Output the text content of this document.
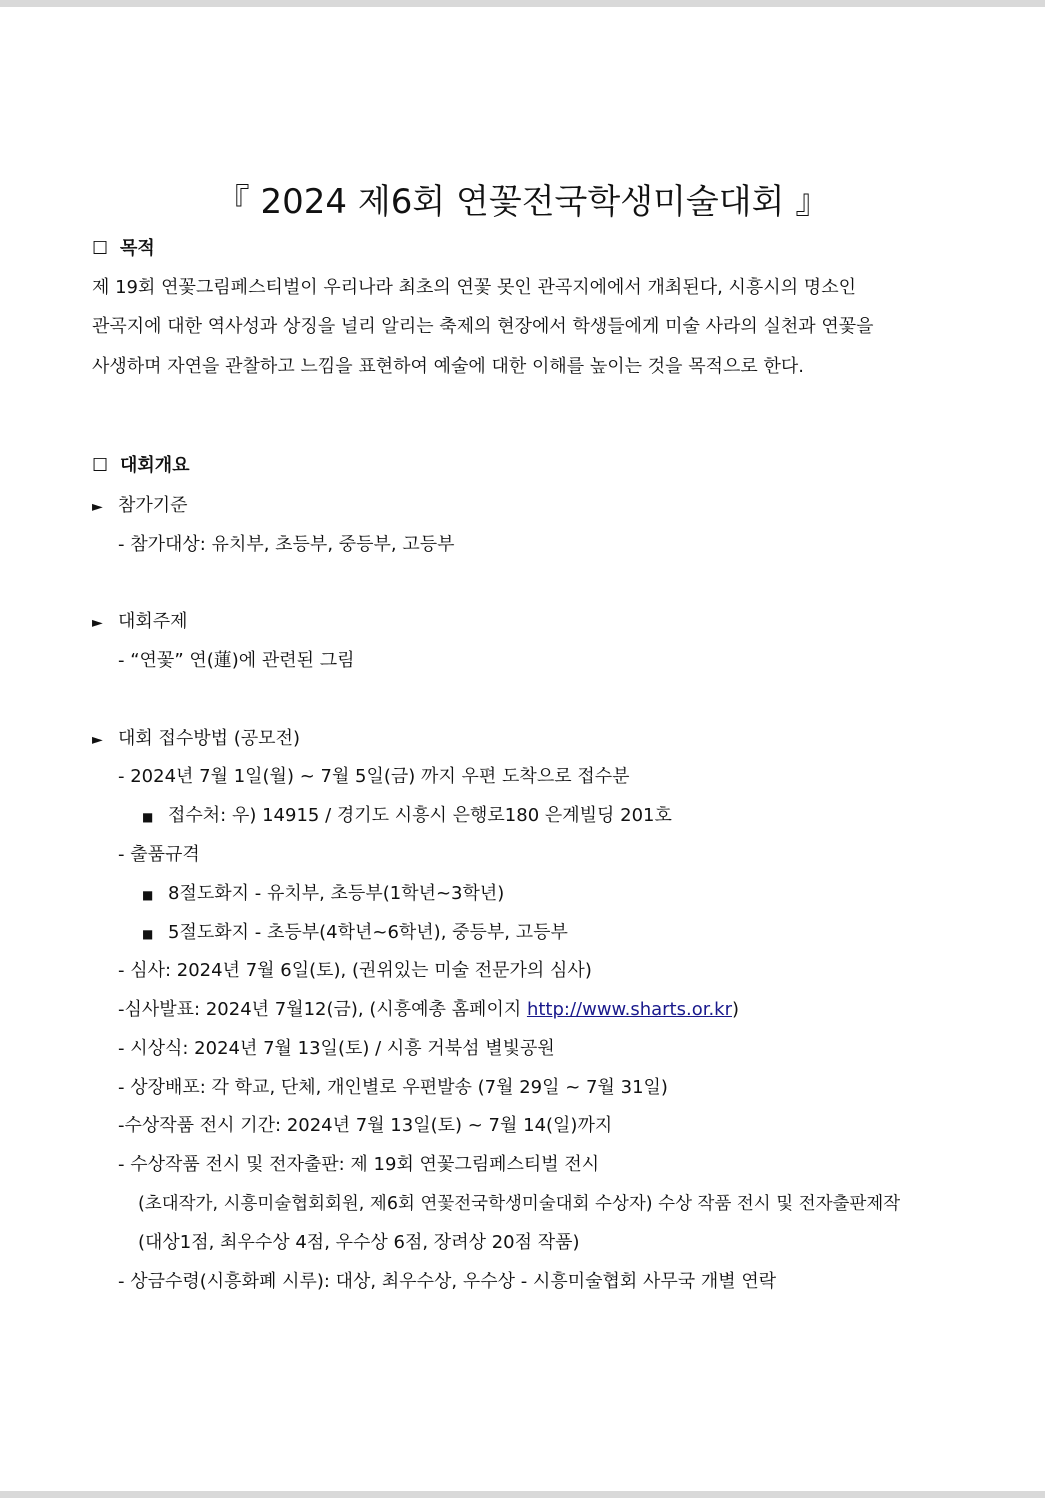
『 2024 제6회 연꽃전국학생미술대회 』
☐ 목적
제 19회 연꽃그림페스티벌이 우리나라 최초의 연꽃 못인 관곡지에에서 개최된다, 시흥시의 명소인
관곡지에 대한 역사성과 상징을 널리 알리는 축제의 현장에서 학생들에게 미술 사라의 실천과 연꽃을
사생하며 자연을 관찰하고 느낌을 표현하여 예술에 대한 이해를 높이는 것을 목적으로 한다.
☐ 대회개요
► 참가기준
- 참가대상: 유치부, 초등부, 중등부, 고등부
► 대회주제
- “연꽃” 연(蓮)에 관련된 그림
► 대회 접수방법 (공모전)
- 2024년 7월 1일(월) ~ 7월 5일(금) 까지 우편 도착으로 접수분
■ 접수처: 우) 14915 / 경기도 시흥시 은행로180 은계빌딩 201호
- 출품규격
■ 8절도화지 - 유치부, 초등부(1학년~3학년)
■ 5절도화지 - 초등부(4학년~6학년), 중등부, 고등부
- 심사: 2024년 7월 6일(토), (권위있는 미술 전문가의 심사)
-심사발표: 2024년 7월12(금), (시흥예총 홈페이지 http://www.sharts.or.kr)
- 시상식: 2024년 7월 13일(토) / 시흥 거북섬 별빛공원
- 상장배포: 각 학교, 단체, 개인별로 우편발송 (7월 29일 ~ 7월 31일)
-수상작품 전시 기간: 2024년 7월 13일(토) ~ 7월 14(일)까지
- 수상작품 전시 및 전자출판: 제 19회 연꽃그림페스티벌 전시
(초대작가, 시흥미술협회회원, 제6회 연꽃전국학생미술대회 수상자) 수상 작품 전시 및 전자출판제작
(대상1점, 최우수상 4점, 우수상 6점, 장려상 20점 작품)
- 상금수령(시흥화폐 시루): 대상, 최우수상, 우수상 - 시흥미술협회 사무국 개별 연락
